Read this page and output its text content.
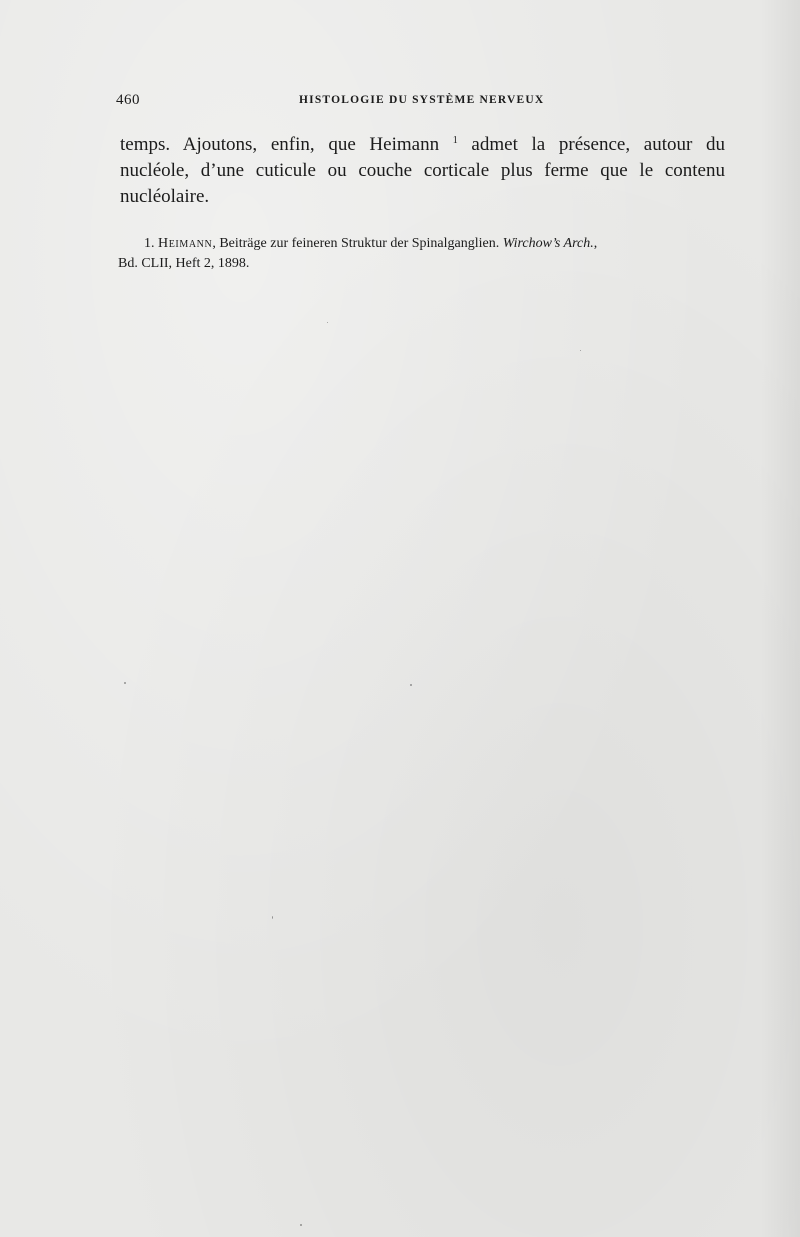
460	HISTOLOGIE DU SYSTÈME NERVEUX
temps. Ajoutons, enfin, que Heimann $^1$ admet la présence, autour du
nucléole, d’une cuticule ou couche corticale plus ferme que le contenu
nucléolaire.
1. Heimann, Beiträge zur feineren Struktur der Spinalganglien. Wirchow’s Arch.,
Bd. CLII, Heft 2, 1898.
